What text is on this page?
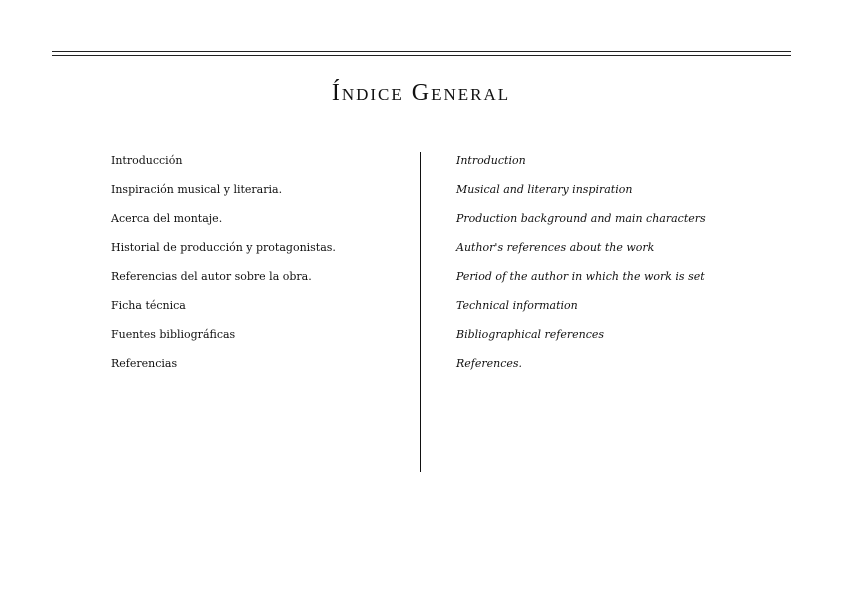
Índice General
Introducción
Inspiración musical y literaria.
Acerca del montaje.
Historial de producción y protagonistas.
Referencias del autor sobre la obra.
Ficha técnica
Fuentes bibliográficas
Referencias
Introduction
Musical and literary inspiration
Production background and main characters
Author's references about the work
Period of the author in which the work is set
Technical information
Bibliographical references
References.
